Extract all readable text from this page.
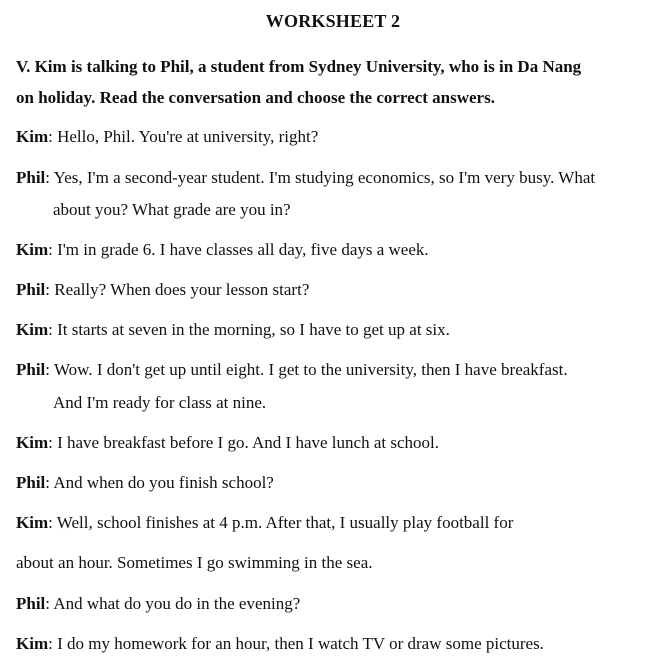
WORKSHEET 2
V. Kim is talking to Phil, a student from Sydney University, who is in Da Nang
on holiday. Read the conversation and choose the correct answers.
Kim: Hello, Phil. You're at university, right?
Phil: Yes, I'm a second-year student. I'm studying economics, so I'm very busy. What
about you? What grade are you in?
Kim: I'm in grade 6. I have classes all day, five days a week.
Phil: Really? When does your lesson start?
Kim: It starts at seven in the morning, so I have to get up at six.
Phil: Wow. I don't get up until eight. I get to the university, then I have breakfast.
And I'm ready for class at nine.
Kim: I have breakfast before I go. And I have lunch at school.
Phil: And when do you finish school?
Kim: Well, school finishes at 4 p.m. After that, I usually play football for
about an hour. Sometimes I go swimming in the sea.
Phil: And what do you do in the evening?
Kim: I do my homework for an hour, then I watch TV or draw some pictures.
